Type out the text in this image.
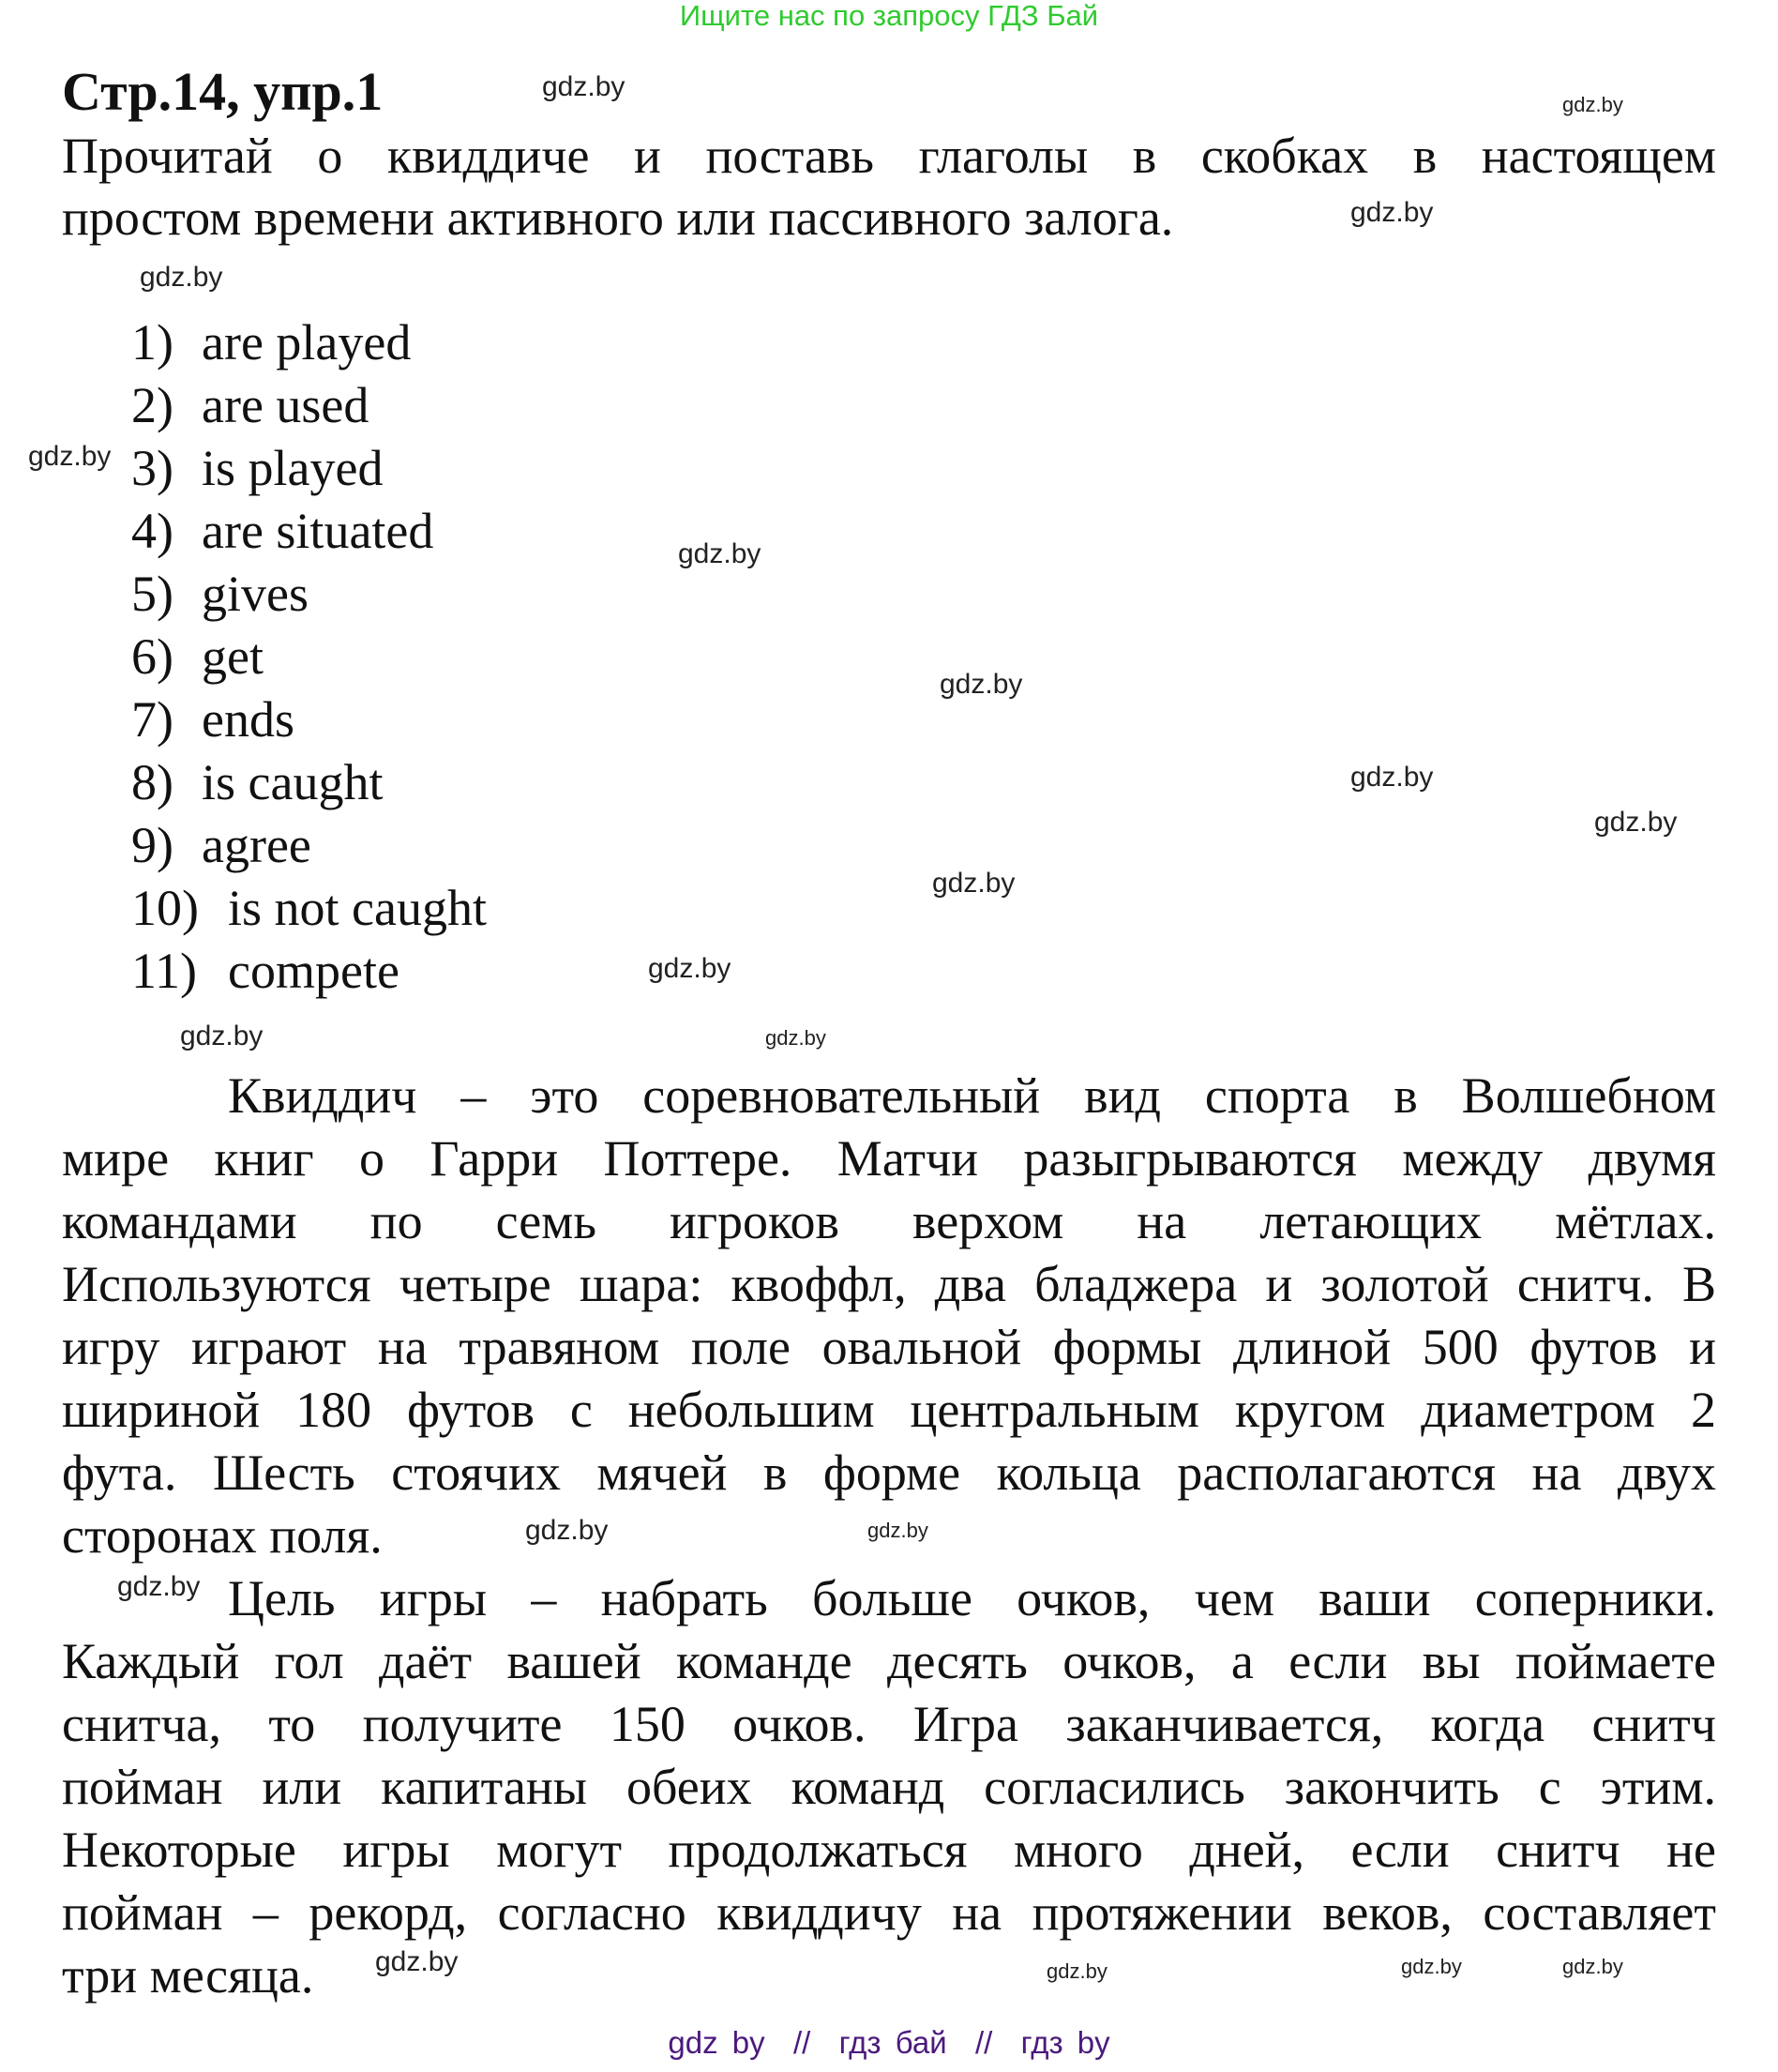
Ищите нас по запросу ГДЗ Бай
Стр.14, упр.1
Прочитай о квиддиче и поставь глаголы в скобках в настоящем
простом времени активного или пассивного залога.
1) are played
2) are used
3) is played
4) are situated
5) gives
6) get
7) ends
8) is caught
9) agree
10) is not caught
11) compete
Квиддич – это соревновательный вид спорта в Волшебном
мире книг о Гарри Поттере. Матчи разыгрываются между двумя
командами по семь игроков верхом на летающих мётлах.
Используются четыре шара: квоффл, два бладжера и золотой снитч. В
игру играют на травяном поле овальной формы длиной 500 футов и
шириной 180 футов с небольшим центральным кругом диаметром 2
фута. Шесть стоячих мячей в форме кольца располагаются на двух
сторонах поля.
Цель игры – набрать больше очков, чем ваши соперники.
Каждый гол даёт вашей команде десять очков, а если вы поймаете
снитча, то получите 150 очков. Игра заканчивается, когда снитч
пойман или капитаны обеих команд согласились закончить с этим.
Некоторые игры могут продолжаться много дней, если снитч не
пойман – рекорд, согласно квиддичу на протяжении веков, составляет
три месяца.
gdz.by
gdz.by
gdz.by
gdz.by
gdz.by
gdz.by
gdz.by
gdz.by
gdz.by
gdz.by
gdz.by
gdz.by
gdz.by
gdz.by
gdz.by
gdz.by
gdz.by
gdz.by
gdz.by	gdz.by
gdz by  //  гдз бай  //  гдз by
